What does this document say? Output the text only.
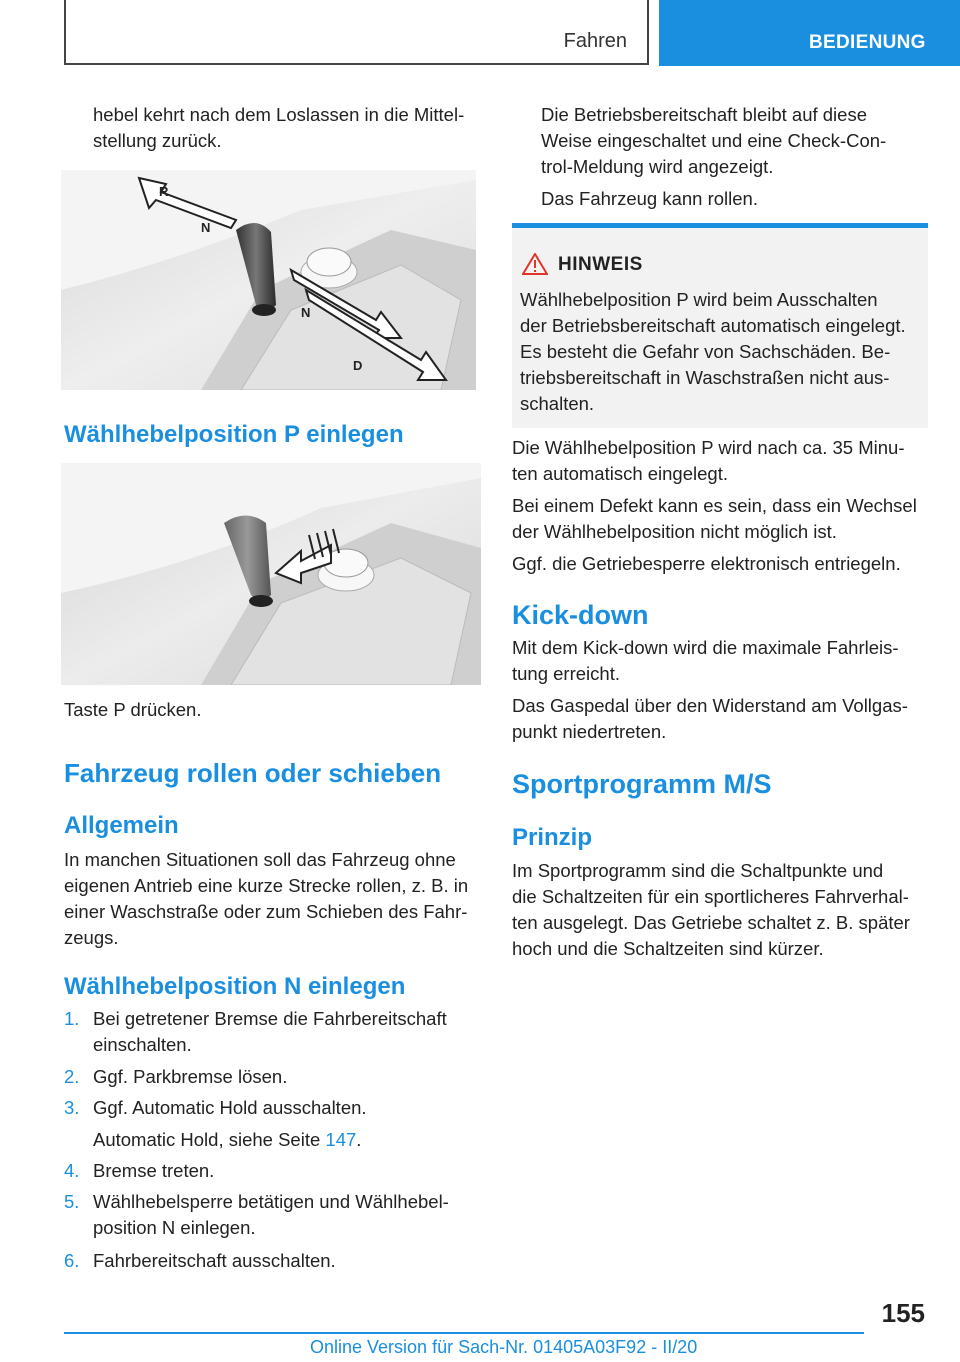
Fahren	BEDIENUNG

hebel kehrt nach dem Loslassen in die Mittel-

stellung zurück.

R
N
N
D
Wählhebelposition P einlegen

Taste P drücken.

Fahrzeug rollen oder schieben
Allgemein

In manchen Situationen soll das Fahrzeug ohne

eigenen Antrieb eine kurze Strecke rollen, z. B. in

einer Waschstraße oder zum Schieben des Fahr-

zeugs.

Wählhebelposition N einlegen
1. Bei getretener Bremse die Fahrbereitschaft

einschalten.

2. Ggf. Parkbremse lösen.

3. Ggf. Automatic Hold ausschalten.

Automatic Hold, siehe Seite 147.

4. Bremse treten.

5. Wählhebelsperre betätigen und Wählhebel-

position N einlegen.

6. Fahrbereitschaft ausschalten.

Die Betriebsbereitschaft bleibt auf diese

Weise eingeschaltet und eine Check-Con-

trol-Meldung wird angezeigt.

Das Fahrzeug kann rollen.

HINWEIS

Wählhebelposition P wird beim Ausschalten

der Betriebsbereitschaft automatisch eingelegt.

Es besteht die Gefahr von Sachschäden. Be-

triebsbereitschaft in Waschstraßen nicht aus-

schalten.

Die Wählhebelposition P wird nach ca. 35 Minu-

ten automatisch eingelegt.

Bei einem Defekt kann es sein, dass ein Wechsel

der Wählhebelposition nicht möglich ist.

Ggf. die Getriebesperre elektronisch entriegeln.

Kick-down

Mit dem Kick-down wird die maximale Fahrleis-

tung erreicht.

Das Gaspedal über den Widerstand am Vollgas-

punkt niedertreten.

Sportprogramm M/S
Prinzip

Im Sportprogramm sind die Schaltpunkte und

die Schaltzeiten für ein sportlicheres Fahrverhal-

ten ausgelegt. Das Getriebe schaltet z. B. später

hoch und die Schaltzeiten sind kürzer.

155
Online Version für Sach-Nr. 01405A03F92 - II/20
